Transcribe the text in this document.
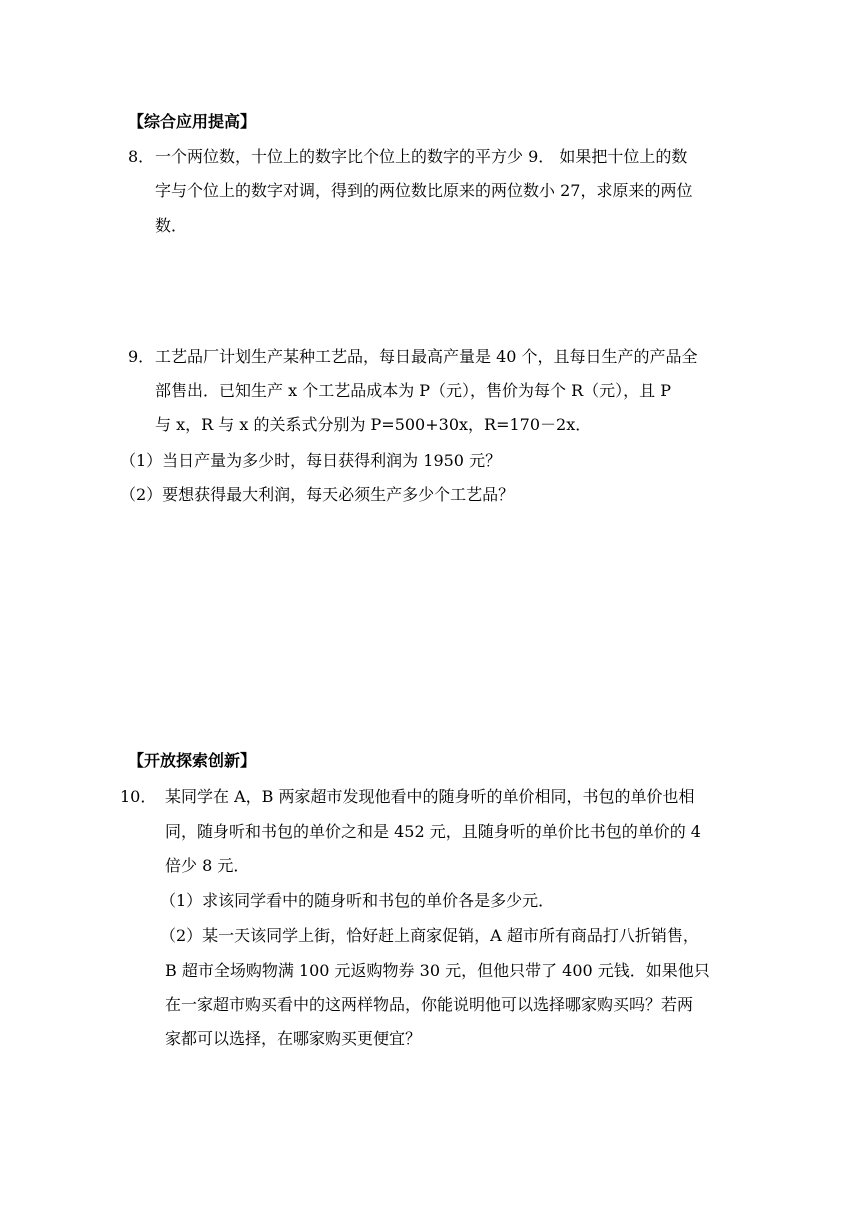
【综合应用提高】
8． 一个两位数，十位上的数字比个位上的数字的平方少 9． 如果把十位上的数
字与个位上的数字对调，得到的两位数比原来的两位数小 27，求原来的两位
数．
9． 工艺品厂计划生产某种工艺品，每日最高产量是 40 个，且每日生产的产品全
部售出．已知生产 x 个工艺品成本为 P（元），售价为每个 R（元），且 P
与 x，R 与 x 的关系式分别为 P=500+30x，R=170－2x．
（1）当日产量为多少时，每日获得利润为 1950 元？
（2）要想获得最大利润，每天必须生产多少个工艺品？
【开放探索创新】
10． 某同学在 A，B 两家超市发现他看中的随身听的单价相同，书包的单价也相
同，随身听和书包的单价之和是 452 元，且随身听的单价比书包的单价的 4
倍少 8 元．
（1）求该同学看中的随身听和书包的单价各是多少元．
（2）某一天该同学上街，恰好赶上商家促销，A 超市所有商品打八折销售，
B 超市全场购物满 100 元返购物券 30 元，但他只带了 400 元钱．如果他只
在一家超市购买看中的这两样物品，你能说明他可以选择哪家购买吗？若两
家都可以选择，在哪家购买更便宜？
